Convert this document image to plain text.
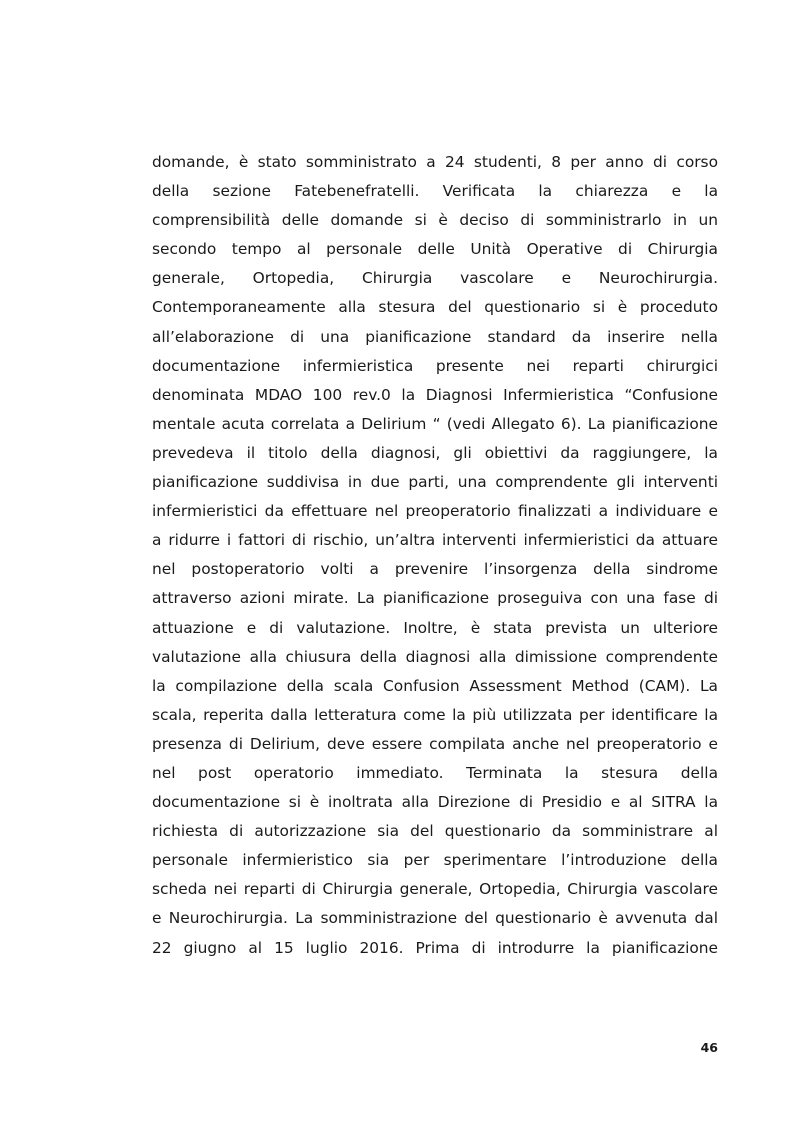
domande, è stato somministrato a 24 studenti, 8 per anno di corso
della sezione Fatebenefratelli. Verificata la chiarezza e la
comprensibilità delle domande si è deciso di somministrarlo in un
secondo tempo al personale delle Unità Operative di Chirurgia
generale, Ortopedia, Chirurgia vascolare e Neurochirurgia.
Contemporaneamente alla stesura del questionario si è proceduto
all’elaborazione di una pianificazione standard da inserire nella
documentazione infermieristica presente nei reparti chirurgici
denominata MDAO 100 rev.0 la Diagnosi Infermieristica “Confusione
mentale acuta correlata a Delirium “ (vedi Allegato 6). La pianificazione
prevedeva il titolo della diagnosi, gli obiettivi da raggiungere, la
pianificazione suddivisa in due parti, una comprendente gli interventi
infermieristici da effettuare nel preoperatorio finalizzati a individuare e
a ridurre i fattori di rischio, un’altra interventi infermieristici da attuare
nel postoperatorio volti a prevenire l’insorgenza della sindrome
attraverso azioni mirate. La pianificazione proseguiva con una fase di
attuazione e di valutazione. Inoltre, è stata prevista un ulteriore
valutazione alla chiusura della diagnosi alla dimissione comprendente
la compilazione della scala Confusion Assessment Method (CAM). La
scala, reperita dalla letteratura come la più utilizzata per identificare la
presenza di Delirium, deve essere compilata anche nel preoperatorio e
nel post operatorio immediato. Terminata la stesura della
documentazione si è inoltrata alla Direzione di Presidio e al SITRA la
richiesta di autorizzazione sia del questionario da somministrare al
personale infermieristico sia per sperimentare l’introduzione della
scheda nei reparti di Chirurgia generale, Ortopedia, Chirurgia vascolare
e Neurochirurgia. La somministrazione del questionario è avvenuta dal
22 giugno al 15 luglio 2016. Prima di introdurre la pianificazione
46
